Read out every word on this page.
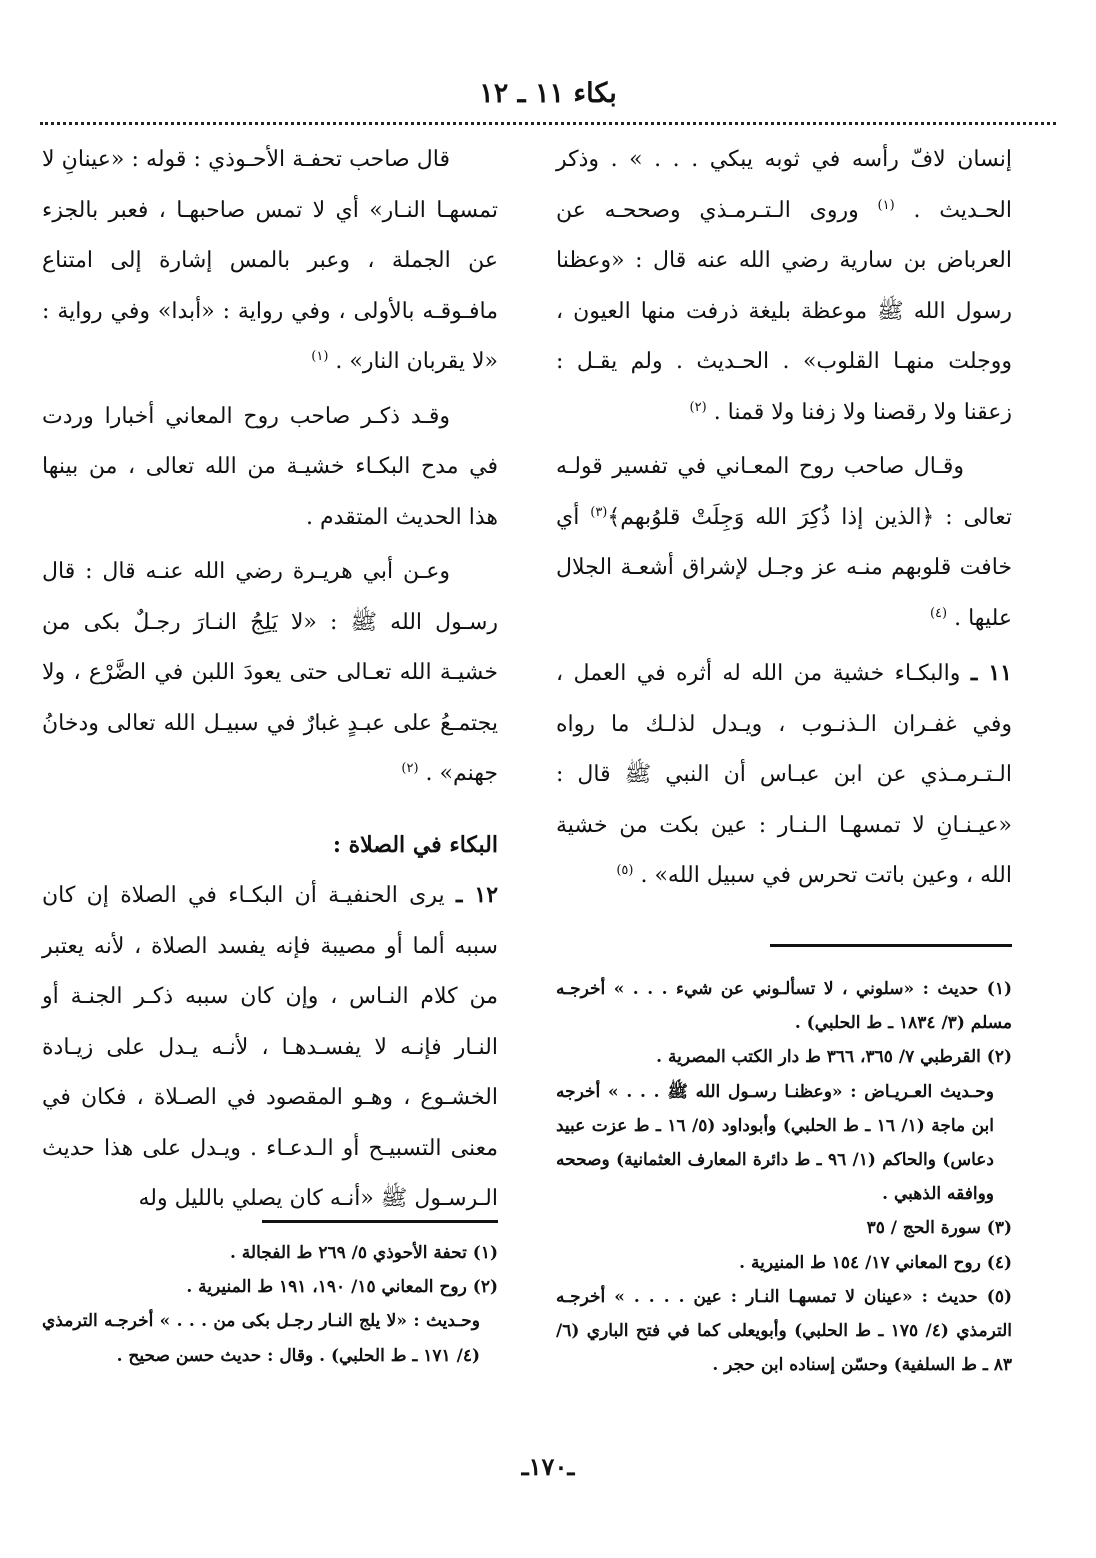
بكاء ١١ ـ ١٢

إنسان لافّ رأسه في ثوبه يبكي . . . » . وذكر الحـديث . $^{(١)}$ وروى الـتـرمـذي وصححـه عن العرباض بن سارية رضي الله عنه قال : «وعظنا رسول الله ﷺ موعظة بليغة ذرفت منها العيون ، ووجلت منهـا القلوب» . الحـديث . ولم يقـل : زعقنا ولا رقصنا ولا زفنا ولا قمنا . $^{(٢)}$

وقـال صاحب روح المعـاني في تفسير قولـه تعالى : ﴿الذين إذا ذُكِرَ الله وَجِلَتْ قلوُبهم﴾$^{(٣)}$ أي خافت قلوبهم منـه عز وجـل لإشراق أشعـة الجلال عليها . $^{(٤)}$

١١ ـ والبكـاء خشية من الله له أثره في العمل ، وفي غفـران الـذنـوب ، ويـدل لذلـك ما رواه الـتـرمـذي عن ابن عبـاس أن النبي ﷺ قال : «عيـنـانِ لا تمسهـا الـنـار : عين بكت من خشية الله ، وعين باتت تحرس في سبيل الله» . $^{(٥)}$

(١) حديث : «سلوني ، لا تسألـوني عن شيء . . . » أخرجـه مسلم (٣/ ١٨٣٤ ـ ط الحلبي) .

(٢) القرطبي ٧/ ٣٦٥، ٣٦٦ ط دار الكتب المصرية .

وحـديث العـريـاض : «وعظنـا رسـول الله ﷺ . . . » أخرجه ابن ماجة (١/ ١٦ ـ ط الحلبي) وأبوداود (٥/ ١٦ ـ ط عزت عبيد دعاس) والحاكم (١/ ٩٦ ـ ط دائرة المعارف العثمانية) وصححه ووافقه الذهبي .

(٣) سورة الحج / ٣٥

(٤) روح المعاني ١٧/ ١٥٤ ط المنيرية .

(٥) حديث : «عينان لا تمسهـا النـار : عين . . . . » أخرجـه الترمذي (٤/ ١٧٥ ـ ط الحلبي) وأبويعلى كما في فتح الباري (٦/ ٨٣ ـ ط السلفية) وحسّن إسناده ابن حجر .

قال صاحب تحفـة الأحـوذي : قوله : «عينانِ لا تمسهـا النـار» أي لا تمس صاحبهـا ، فعبر بالجزء عن الجملة ، وعبر بالمس إشارة إلى امتناع مافـوقـه بالأولى ، وفي رواية : «أبدا» وفي رواية : «لا يقربان النار» . $^{(١)}$

وقـد ذكـر صاحب روح المعاني أخبارا وردت في مدح البكـاء خشيـة من الله تعالى ، من بينها هذا الحديث المتقدم .

وعـن أبي هريـرة رضي الله عنـه قال : قال رسـول الله ﷺ : «لا يَلِجُ النـارَ رجـلٌ بكى من خشيـة الله تعـالى حتى يعودَ اللبن في الضَّرْع ، ولا يجتمـعُ على عبـدٍ غبارٌ في سبيـل الله تعالى ودخانُ جهنم» . $^{(٢)}$

البكاء في الصلاة :

١٢ ـ يرى الحنفيـة أن البكـاء في الصلاة إن كان سببه ألما أو مصيبة فإنه يفسد الصلاة ، لأنه يعتبر من كلام النـاس ، وإن كان سببه ذكـر الجنـة أو النـار فإنـه لا يفسـدهـا ، لأنـه يـدل على زيـادة الخشـوع ، وهـو المقصود في الصـلاة ، فكان في معنى التسبيـح أو الـدعـاء . ويـدل على هذا حديث الـرسـول ﷺ «أنـه كان يصلي بالليل وله

(١) تحفة الأحوذي ٥/ ٢٦٩ ط الفجالة .

(٢) روح المعاني ١٥/ ١٩٠، ١٩١ ط المنيرية .

وحـديث : «لا يلج النـار رجـل بكى من . . . » أخرجـه الترمذي (٤/ ١٧١ ـ ط الحلبي) . وقال : حديث حسن صحيح .

ـ١٧٠ـ
